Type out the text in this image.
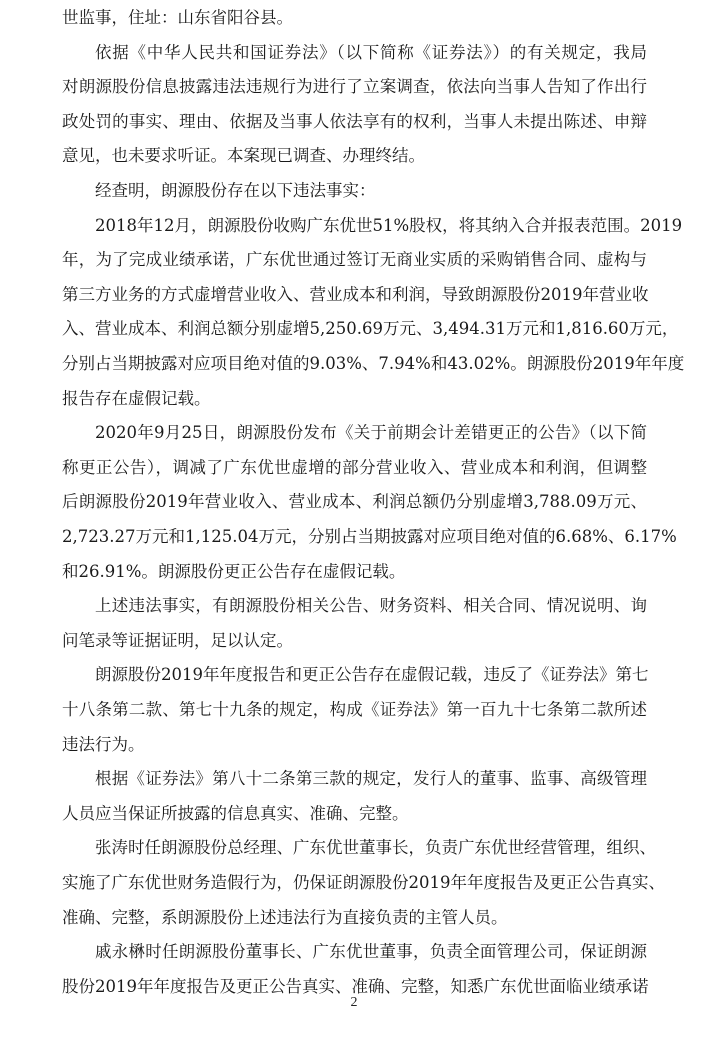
世监事，住址：山东省阳谷县。
依据《中华人民共和国证券法》（以下简称《证券法》）的有关规定，我局
对朗源股份信息披露违法违规行为进行了立案调查，依法向当事人告知了作出行
政处罚的事实、理由、依据及当事人依法享有的权利，当事人未提出陈述、申辩
意见，也未要求听证。本案现已调查、办理终结。
经查明，朗源股份存在以下违法事实：
2018年12月，朗源股份收购广东优世51%股权，将其纳入合并报表范围。2019
年，为了完成业绩承诺，广东优世通过签订无商业实质的采购销售合同、虚构与
第三方业务的方式虚增营业收入、营业成本和利润，导致朗源股份2019年营业收
入、营业成本、利润总额分别虚增5,250.69万元、3,494.31万元和1,816.60万元，
分别占当期披露对应项目绝对值的9.03%、7.94%和43.02%。朗源股份2019年年度
报告存在虚假记载。
2020年9月25日，朗源股份发布《关于前期会计差错更正的公告》（以下简
称更正公告），调减了广东优世虚增的部分营业收入、营业成本和利润，但调整
后朗源股份2019年营业收入、营业成本、利润总额仍分别虚增3,788.09万元、
2,723.27万元和1,125.04万元，分别占当期披露对应项目绝对值的6.68%、6.17%
和26.91%。朗源股份更正公告存在虚假记载。
上述违法事实，有朗源股份相关公告、财务资料、相关合同、情况说明、询
问笔录等证据证明，足以认定。
朗源股份2019年年度报告和更正公告存在虚假记载，违反了《证券法》第七
十八条第二款、第七十九条的规定，构成《证券法》第一百九十七条第二款所述
违法行为。
根据《证券法》第八十二条第三款的规定，发行人的董事、监事、高级管理
人员应当保证所披露的信息真实、准确、完整。
张涛时任朗源股份总经理、广东优世董事长，负责广东优世经营管理，组织、
实施了广东优世财务造假行为，仍保证朗源股份2019年年度报告及更正公告真实、
准确、完整，系朗源股份上述违法行为直接负责的主管人员。
戚永楙时任朗源股份董事长、广东优世董事，负责全面管理公司，保证朗源
股份2019年年度报告及更正公告真实、准确、完整，知悉广东优世面临业绩承诺
2
